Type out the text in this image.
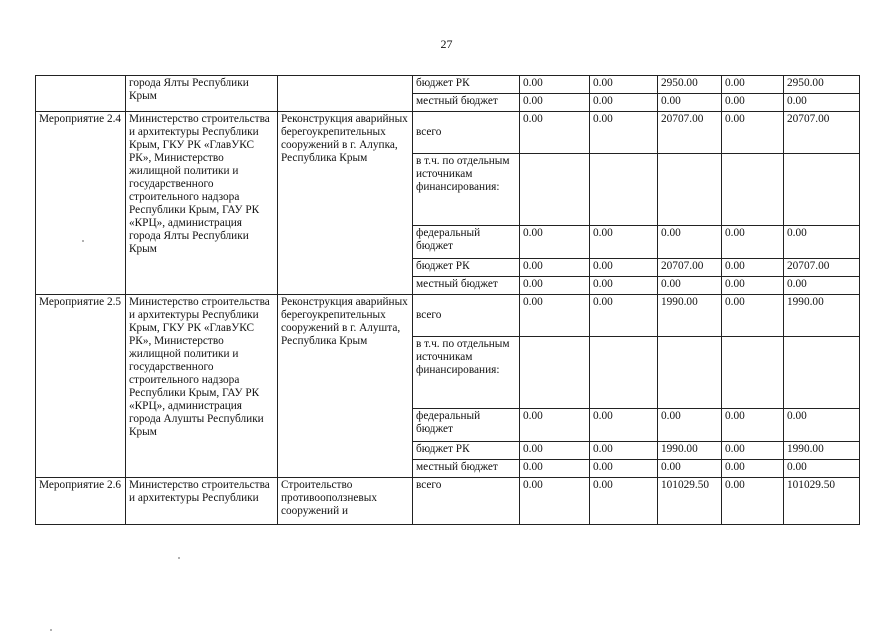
27
	города Ялты Республики Крым		бюджет РК	0.00	0.00	2950.00	0.00	2950.00
			местный бюджет	0.00	0.00	0.00	0.00	0.00
Мероприятие 2.4	Министерство строительства и архитектуры Республики Крым, ГКУ РК «ГлавУКС РК», Министерство жилищной политики и государственного строительного надзора Республики Крым, ГАУ РК «КРЦ», администрация города Ялты Республики Крым	Реконструкция аварийных берегоукрепительных сооружений в г. Алупка, Республика Крым	всего	0.00	0.00	20707.00	0.00	20707.00
			в т.ч. по отдельным источникам финансирования:					
			федеральный бюджет	0.00	0.00	0.00	0.00	0.00
			бюджет РК	0.00	0.00	20707.00	0.00	20707.00
			местный бюджет	0.00	0.00	0.00	0.00	0.00
Мероприятие 2.5	Министерство строительства и архитектуры Республики Крым, ГКУ РК «ГлавУКС РК», Министерство жилищной политики и государственного строительного надзора Республики Крым, ГАУ РК «КРЦ», администрация города Алушты Республики Крым	Реконструкция аварийных берегоукрепительных сооружений в г. Алушта, Республика Крым	всего	0.00	0.00	1990.00	0.00	1990.00
			в т.ч. по отдельным источникам финансирования:					
			федеральный бюджет	0.00	0.00	0.00	0.00	0.00
			бюджет РК	0.00	0.00	1990.00	0.00	1990.00
			местный бюджет	0.00	0.00	0.00	0.00	0.00
Мероприятие 2.6	Министерство строительства и архитектуры Республики	Строительство противооползневых сооружений и	всего	0.00	0.00	101029.50	0.00	101029.50
